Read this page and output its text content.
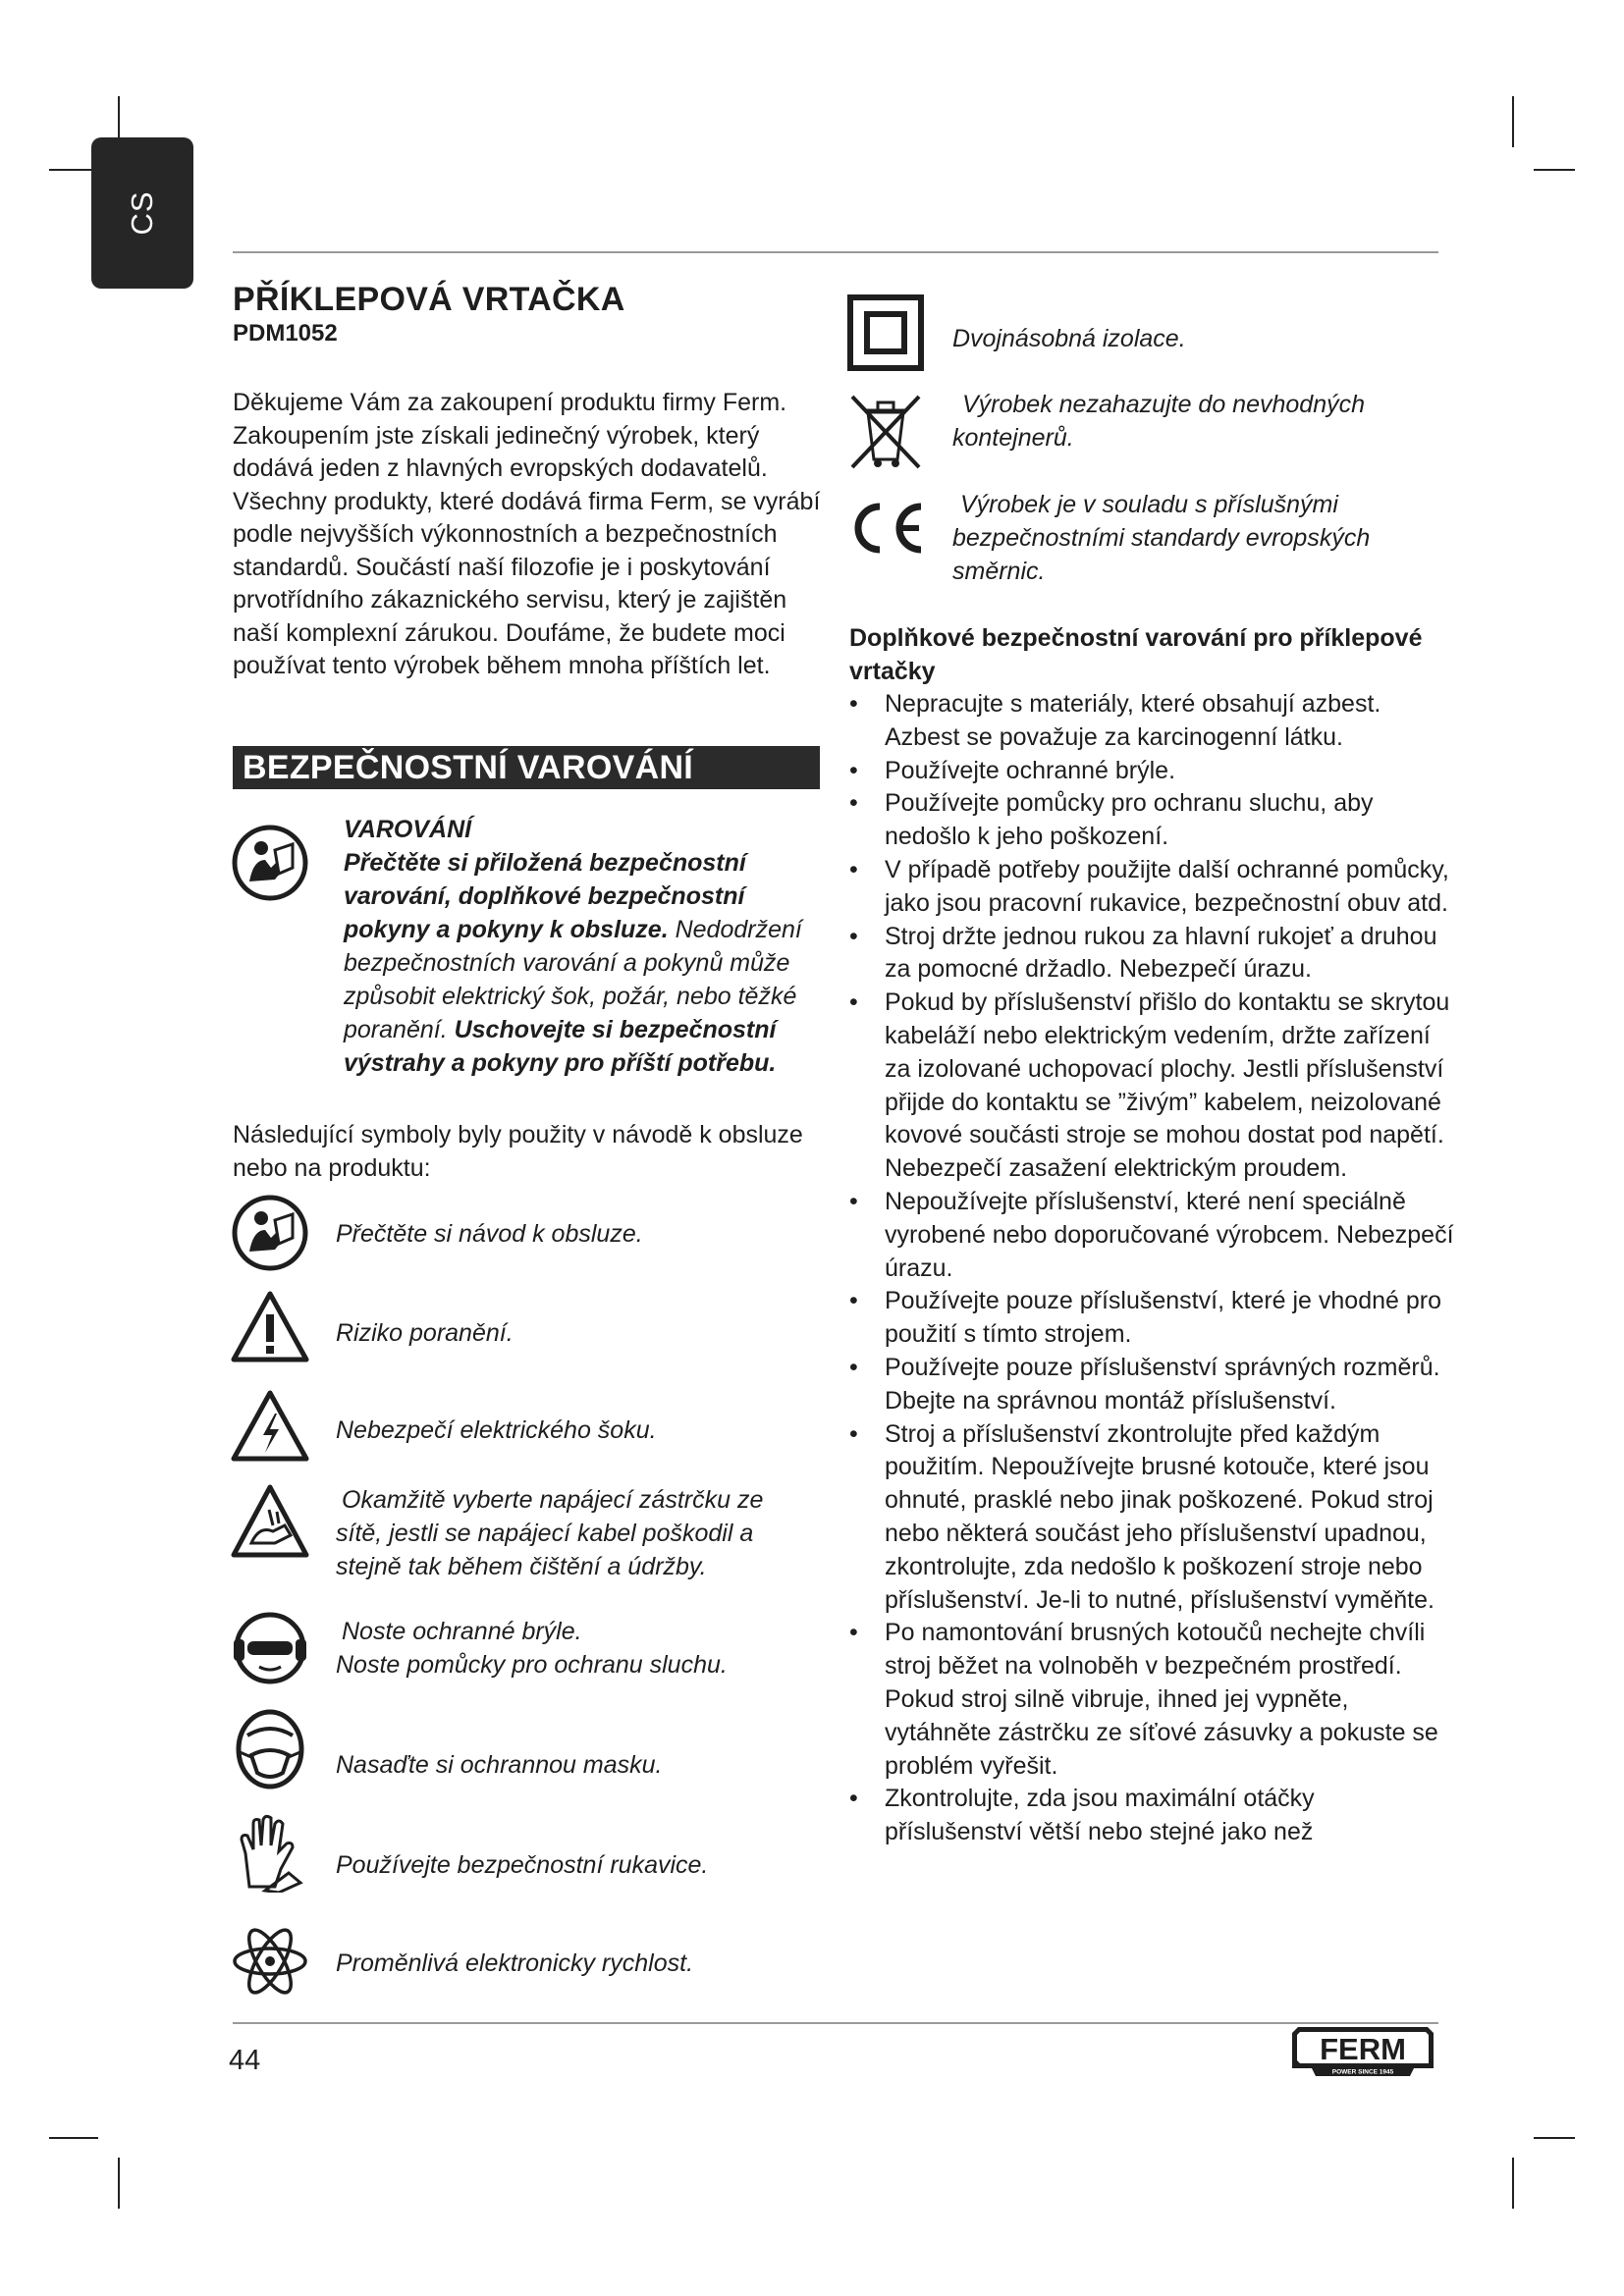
CS
PŘÍKLEPOVÁ VRTAČKA
PDM1052
Děkujeme Vám za zakoupení produktu firmy Ferm. Zakoupením jste získali jedinečný výrobek, který dodává jeden z hlavných evropských dodavatelů. Všechny produkty, které dodává firma Ferm, se vyrábí podle nejvyšších výkonnostních a bezpečnostních standardů. Součástí naší filozofie je i poskytování prvotřídního zákaznického servisu, který je zajištěn naší komplexní zárukou. Doufáme, že budete moci používat tento výrobek během mnoha příštích let.
BEZPEČNOSTNÍ VAROVÁNÍ
VAROVÁNÍ
Přečtěte si přiložená bezpečnostní varování, doplňkové bezpečnostní pokyny a pokyny k obsluze. Nedodržení bezpečnostních varování a pokynů může způsobit elektrický šok, požár, nebo těžké poranění. Uschovejte si bezpečnostní výstrahy a pokyny pro příští potřebu.
Následující symboly byly použity v návodě k obsluze nebo na produktu:
Přečtěte si návod k obsluze.
Riziko poranění.
Nebezpečí elektrického šoku.
Okamžitě vyberte napájecí zástrčku ze sítě, jestli se napájecí kabel poškodil a stejně tak během čištění a údržby.
Noste ochranné brýle.
Noste pomůcky pro ochranu sluchu.
Nasaďte si ochrannou masku.
Používejte bezpečnostní rukavice.
Proměnlivá elektronicky rychlost.
Dvojnásobná izolace.
Výrobek nezahazujte do nevhodných kontejnerů.
Výrobek je v souladu s příslušnými bezpečnostními standardy evropských směrnic.
Doplňkové bezpečnostní varování pro příklepové vrtačky
• Nepracujte s materiály, které obsahují azbest. Azbest se považuje za karcinogenní látku.
• Používejte ochranné brýle.
• Používejte pomůcky pro ochranu sluchu, aby nedošlo k jeho poškození.
• V případě potřeby použijte další ochranné pomůcky, jako jsou pracovní rukavice, bezpečnostní obuv atd.
• Stroj držte jednou rukou za hlavní rukojeť a druhou za pomocné držadlo. Nebezpečí úrazu.
• Pokud by příslušenství přišlo do kontaktu se skrytou kabeláží nebo elektrickým vedením, držte zařízení za izolované uchopovací plochy. Jestli příslušenství přijde do kontaktu se ”živým” kabelem, neizolované kovové součásti stroje se mohou dostat pod napětí. Nebezpečí zasažení elektrickým proudem.
• Nepoužívejte příslušenství, které není speciálně vyrobené nebo doporučované výrobcem. Nebezpečí úrazu.
• Používejte pouze příslušenství, které je vhodné pro použití s tímto strojem.
• Používejte pouze příslušenství správných rozměrů. Dbejte na správnou montáž příslušenství.
• Stroj a příslušenství zkontrolujte před každým použitím. Nepoužívejte brusné kotouče, které jsou ohnuté, prasklé nebo jinak poškozené. Pokud stroj nebo některá součást jeho příslušenství upadnou, zkontrolujte, zda nedošlo k poškození stroje nebo příslušenství. Je-li to nutné, příslušenství vyměňte.
• Po namontování brusných kotoučů nechejte chvíli stroj běžet na volnoběh v bezpečném prostředí. Pokud stroj silně vibruje, ihned jej vypněte, vytáhněte zástrčku ze síťové zásuvky a pokuste se problém vyřešit.
• Zkontrolujte, zda jsou maximální otáčky příslušenství větší nebo stejné jako než
44	FERM
POWER SINCE 1945
